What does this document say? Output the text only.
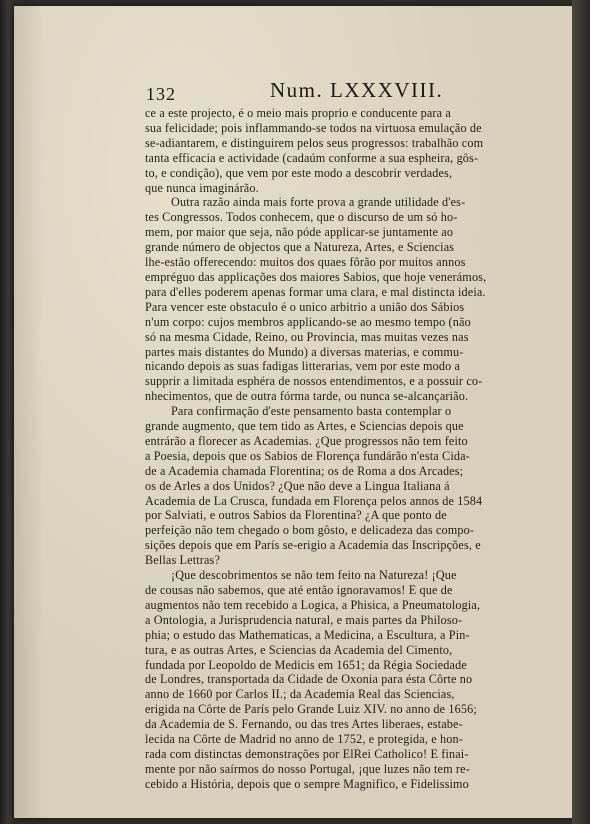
132	Num. LXXXVIII.

ce a este projecto, é o meio mais proprio e conducente para a
sua felicidade; pois inflammando-se todos na virtuosa emulação de
se-adiantarem, e distinguirem pelos seus progressos: trabalhão com
tanta efficacia e actividade (cadaúm conforme a sua espheira, gôs-
to, e condição), que vem por este modo a descobrir verdades,
que nunca imaginárão.

Outra razão ainda mais forte prova a grande utilidade d'es-
tes Congressos. Todos conhecem, que o discurso de um só ho-
mem, por maior que seja, não póde applicar-se juntamente ao
grande número de objectos que a Natureza, Artes, e Sciencias
lhe-estão offerecendo: muitos dos quaes fôrão por muitos annos
empréguo das applicações dos maiores Sabios, que hoje venerámos,
para d'elles poderem apenas formar uma clara, e mal distincta ideia.
Para vencer este obstaculo é o unico arbitrio a união dos Sábios
n'um corpo: cujos membros applicando-se ao mesmo tempo (não
só na mesma Cidade, Reino, ou Provincia, mas muitas vezes nas
partes mais distantes do Mundo) a diversas materias, e commu-
nicando depois as suas fadigas litterarias, vem por este modo a
supprir a limitada esphéra de nossos entendimentos, e a possuir co-
nhecimentos, que de outra fórma tarde, ou nunca se-alcançarião.

Para confirmação d'este pensamento basta contemplar o
grande augmento, que tem tido as Artes, e Sciencias depois que
entrárão a florecer as Academias. ¿Que progressos não tem feito
a Poesia, depois que os Sabios de Florença fundárão n'esta Cida-
de a Academia chamada Florentina; os de Roma a dos Arcades;
os de Arles a dos Unidos? ¿Que não deve a Lingua Italiana á
Academia de La Crusca, fundada em Florença pelos annos de 1584
por Salviati, e outros Sabios da Florentina? ¿A que ponto de
perfeição não tem chegado o bom gôsto, e delicadeza das compo-
sições depois que em París se-erigio a Academia das Inscripções, e
Bellas Lettras?

¡Que descobrimentos se não tem feito na Natureza! ¡Que
de cousas não sabemos, que até então ignoravamos! E que de
augmentos não tem recebido a Logica, a Phisica, a Pneumatologia,
a Ontologia, a Jurisprudencia natural, e mais partes da Philoso-
phia; o estudo das Mathematicas, a Medicina, a Escultura, a Pin-
tura, e as outras Artes, e Sciencias da Academia del Cimento,
fundada por Leopoldo de Medicis em 1651; da Régia Sociedade
de Londres, transportada da Cidade de Oxonia para ésta Côrte no
anno de 1660 por Carlos II.; da Academia Real das Sciencias,
erigida na Côrte de París pelo Grande Luiz XIV. no anno de 1656;
da Academia de S. Fernando, ou das tres Artes liberaes, estabe-
lecida na Côrte de Madrid no anno de 1752, e protegida, e hon-
rada com distinctas demonstrações por ElRei Catholico! E finai-
mente por não saírmos do nosso Portugal, ¡que luzes não tem re-
cebido a História, depois que o sempre Magnifico, e Fidelissimo
